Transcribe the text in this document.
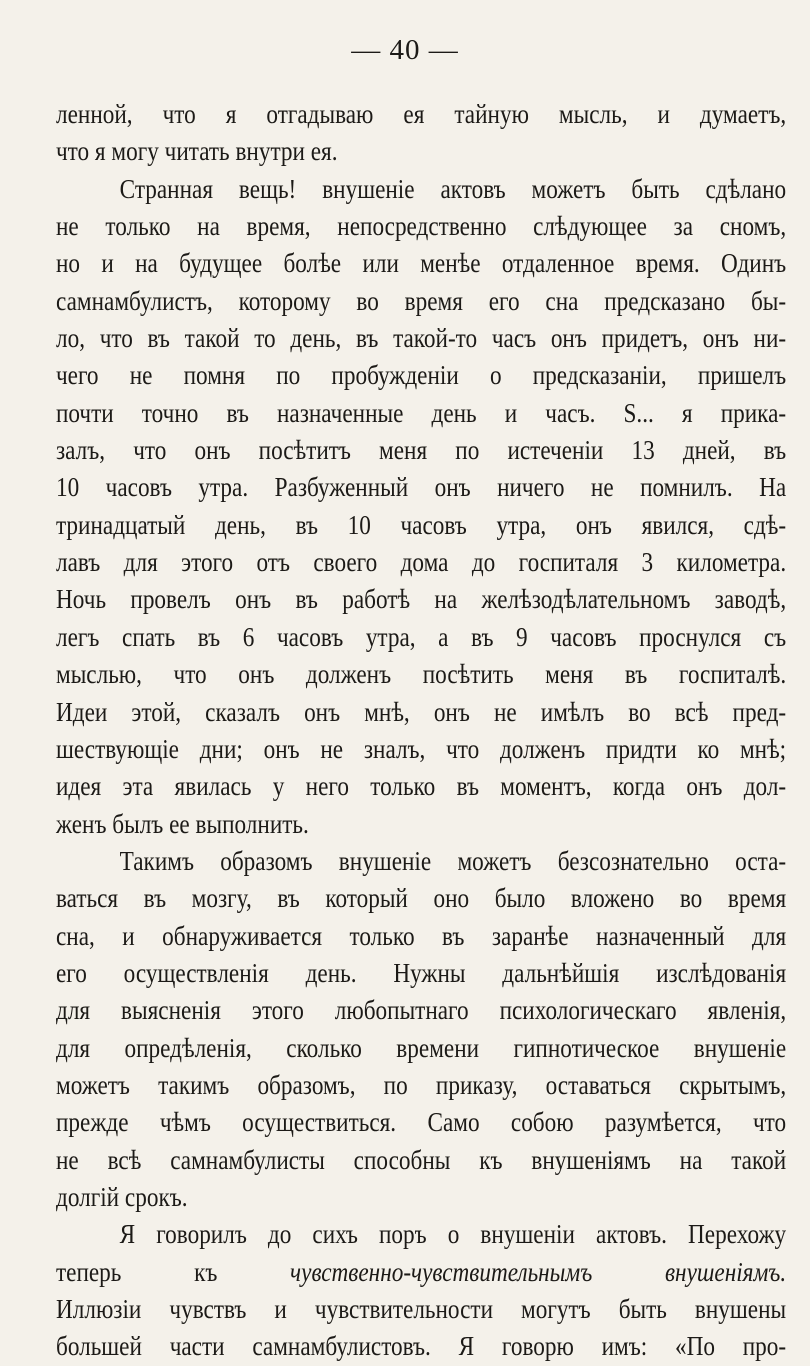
— 40 —
ленной, что я отгадываю ея тайную мысль, и думаетъ,
что я могу читать внутри ея.
Странная вещь! внушенiе актовъ можетъ быть сдѣлано
не только на время, непосредственно слѣдующее за сномъ,
но и на будущее болѣе или менѣе отдаленное время. Одинъ
самнамбулистъ, которому во время его сна предсказано бы-
ло, что въ такой то день, въ такой-то часъ онъ придетъ, онъ ни-
чего не помня по пробужденiи о предсказанiи, пришелъ
почти точно въ назначенные день и часъ. S... я прика-
залъ, что онъ посѣтитъ меня по истеченiи 13 дней, въ
10 часовъ утра. Разбуженный онъ ничего не помнилъ. На
тринадцатый день, въ 10 часовъ утра, онъ явился, сдѣ-
лавъ для этого отъ своего дома до госпиталя 3 километра.
Ночь провелъ онъ въ работѣ на желѣзодѣлательномъ заводѣ,
легъ спать въ 6 часовъ утра, а въ 9 часовъ проснулся съ
мыслью, что онъ долженъ посѣтить меня въ госпиталѣ.
Идеи этой, сказалъ онъ мнѣ, онъ не имѣлъ во всѣ пред-
шествующiе дни; онъ не зналъ, что долженъ придти ко мнѣ;
идея эта явилась у него только въ моментъ, когда онъ дол-
женъ былъ ее выполнить.
Такимъ образомъ внушенiе можетъ безсознательно оста-
ваться въ мозгу, въ который оно было вложено во время
сна, и обнаруживается только въ заранѣе назначенный для
его осуществленiя день. Нужны дальнѣйшiя изслѣдованiя
для выясненiя этого любопытнаго психологическаго явленiя,
для опредѣленiя, сколько времени гипнотическое внушенiе
можетъ такимъ образомъ, по приказу, оставаться скрытымъ,
прежде чѣмъ осуществиться. Само собою разумѣется, что
не всѣ самнамбулисты способны къ внушенiямъ на такой
долгiй срокъ.
Я говорилъ до сихъ поръ о внушенiи актовъ. Перехожу
теперь къ чувственно-чувствительнымъ внушенiямъ.
Иллюзiи чувствъ и чувствительности могутъ быть внушены
большей части самнамбулистовъ. Я говорю имъ: «По про-
